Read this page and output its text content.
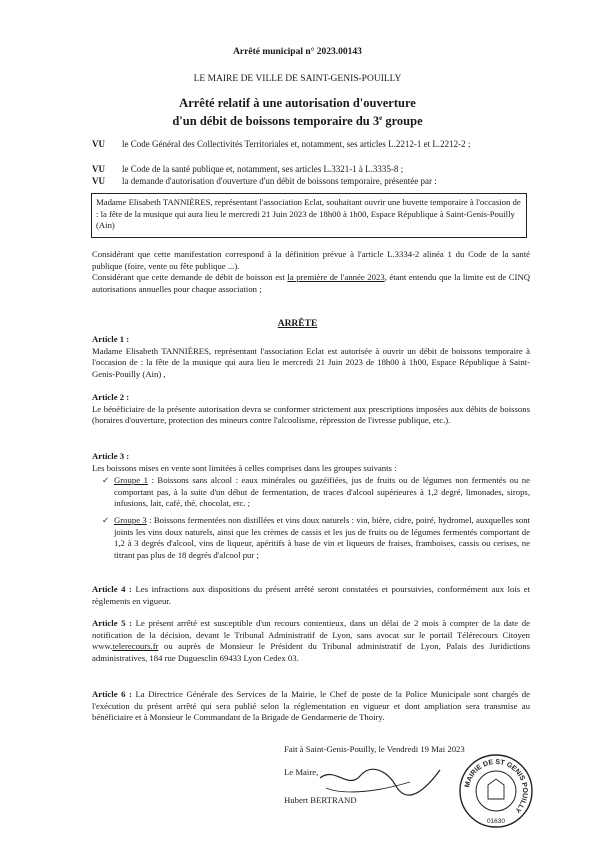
Arrêté municipal n° 2023.00143
LE MAIRE DE VILLE DE SAINT-GENIS-POUILLY
Arrêté relatif à une autorisation d'ouverture
d'un débit de boissons temporaire du 3e groupe
VU le Code Général des Collectivités Territoriales et, notamment, ses articles L.2212-1 et L.2212-2 ;
VU le Code de la santé publique et, notamment, ses articles L.3321-1 à L.3335-8 ;
VU la demande d'autorisation d'ouverture d'un débit de boissons temporaire, présentée par :
Madame Elisabeth TANNIÈRES, représentant l'association Eclat, souhaitant ouvrir une buvette temporaire à l'occasion de : la fête de la musique qui aura lieu le mercredi 21 Juin 2023 de 18h00 à 1h00, Espace République à Saint-Genis-Pouilly (Ain)
Considérant que cette manifestation correspond à la définition prévue à l'article L.3334-2 alinéa 1 du Code de la santé publique (foire, vente ou fête publique ...).
Considérant que cette demande de débit de boisson est la première de l'année 2023, étant entendu que la limite est de CINQ autorisations annuelles pour chaque association ;
ARRÊTE
Article 1 :
Madame Elisabeth TANNIÈRES, représentant l'association Eclat est autorisée à ouvrir un débit de boissons temporaire à l'occasion de : la fête de la musique qui aura lieu le mercredi 21 Juin 2023 de 18h00 à 1h00, Espace République à Saint-Genis-Pouilly (Ain) ,
Article 2 :
Le bénéficiaire de la présente autorisation devra se conformer strictement aux prescriptions imposées aux débits de boissons (horaires d'ouverture, protection des mineurs contre l'alcoolisme, répression de l'ivresse publique, etc.).
Article 3 :
Les boissons mises en vente sont limitées à celles comprises dans les groupes suivants :
✓ Groupe 1 : Boissons sans alcool : eaux minérales ou gazéifiées, jus de fruits ou de légumes non fermentés ou ne comportant pas, à la suite d'un début de fermentation, de traces d'alcool supérieures à 1,2 degré, limonades, sirops, infusions, lait, café, thé, chocolat, etc. ;
✓ Groupe 3 : Boissons fermentées non distillées et vins doux naturels : vin, bière, cidre, poiré, hydromel, auxquelles sont joints les vins doux naturels, ainsi que les crèmes de cassis et les jus de fruits ou de légumes fermentés comportant de 1,2 à 3 degrés d'alcool, vins de liqueur, apéritifs à base de vin et liqueurs de fraises, framboises, cassis ou cerises, ne titrant pas plus de 18 degrés d'alcool pur ;
Article 4 : Les infractions aux dispositions du présent arrêté seront constatées et poursuivies, conformément aux lois et règlements en vigueur.
Article 5 : Le présent arrêté est susceptible d'un recours contentieux, dans un délai de 2 mois à compter de la date de notification de la décision, devant le Tribunal Administratif de Lyon, sans avocat sur le portail Télérecours Citoyen www.telerecours.fr ou auprès de Monsieur le Président du Tribunal administratif de Lyon, Palais des Juridictions administratives, 184 rue Duguesclin 69433 Lyon Cedex 03.
Article 6 : La Directrice Générale des Services de la Mairie, le Chef de poste de la Police Municipale sont chargés de l'exécution du présent arrêté qui sera publié selon la réglementation en vigueur et dont ampliation sera transmise au bénéficiaire et à Monsieur le Commandant de la Brigade de Gendarmerie de Thoiry.
Fait à Saint-Genis-Pouilly, le Vendredi 19 Mai 2023
Le Maire,
Hubert BERTRAND
MAIRIE DE ST GENIS POUILLY
01630
